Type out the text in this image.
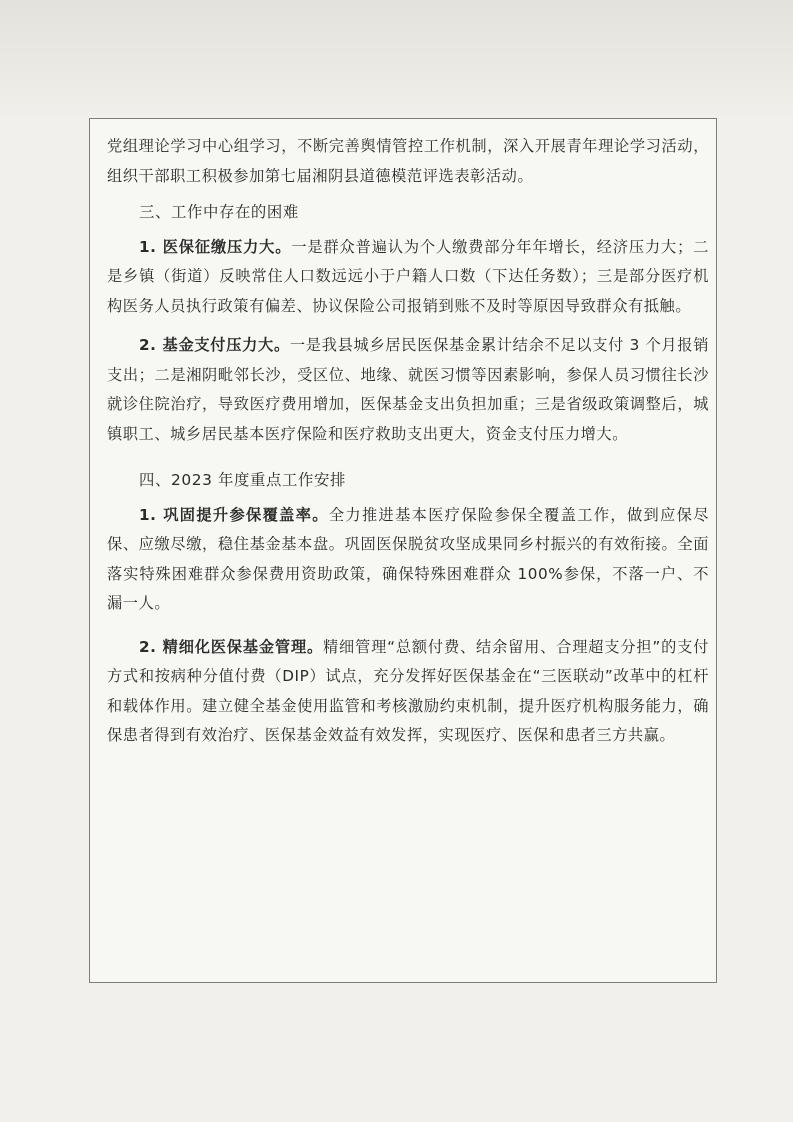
党组理论学习中心组学习，不断完善舆情管控工作机制，深入开展青年理论学习活动，组织干部职工积极参加第七届湘阴县道德模范评选表彰活动。

三、工作中存在的困难

1. 医保征缴压力大。一是群众普遍认为个人缴费部分年年增长，经济压力大；二是乡镇（街道）反映常住人口数远远小于户籍人口数（下达任务数）；三是部分医疗机构医务人员执行政策有偏差、协议保险公司报销到账不及时等原因导致群众有抵触。

2. 基金支付压力大。一是我县城乡居民医保基金累计结余不足以支付 3 个月报销支出；二是湘阴毗邻长沙，受区位、地缘、就医习惯等因素影响，参保人员习惯往长沙就诊住院治疗，导致医疗费用增加，医保基金支出负担加重；三是省级政策调整后，城镇职工、城乡居民基本医疗保险和医疗救助支出更大，资金支付压力增大。

四、2023 年度重点工作安排

1. 巩固提升参保覆盖率。全力推进基本医疗保险参保全覆盖工作，做到应保尽保、应缴尽缴，稳住基金基本盘。巩固医保脱贫攻坚成果同乡村振兴的有效衔接。全面落实特殊困难群众参保费用资助政策，确保特殊困难群众 100%参保，不落一户、不漏一人。

2. 精细化医保基金管理。精细管理“总额付费、结余留用、合理超支分担”的支付方式和按病种分值付费（DIP）试点，充分发挥好医保基金在“三医联动”改革中的杠杆和载体作用。建立健全基金使用监管和考核激励约束机制，提升医疗机构服务能力，确保患者得到有效治疗、医保基金效益有效发挥，实现医疗、医保和患者三方共赢。
